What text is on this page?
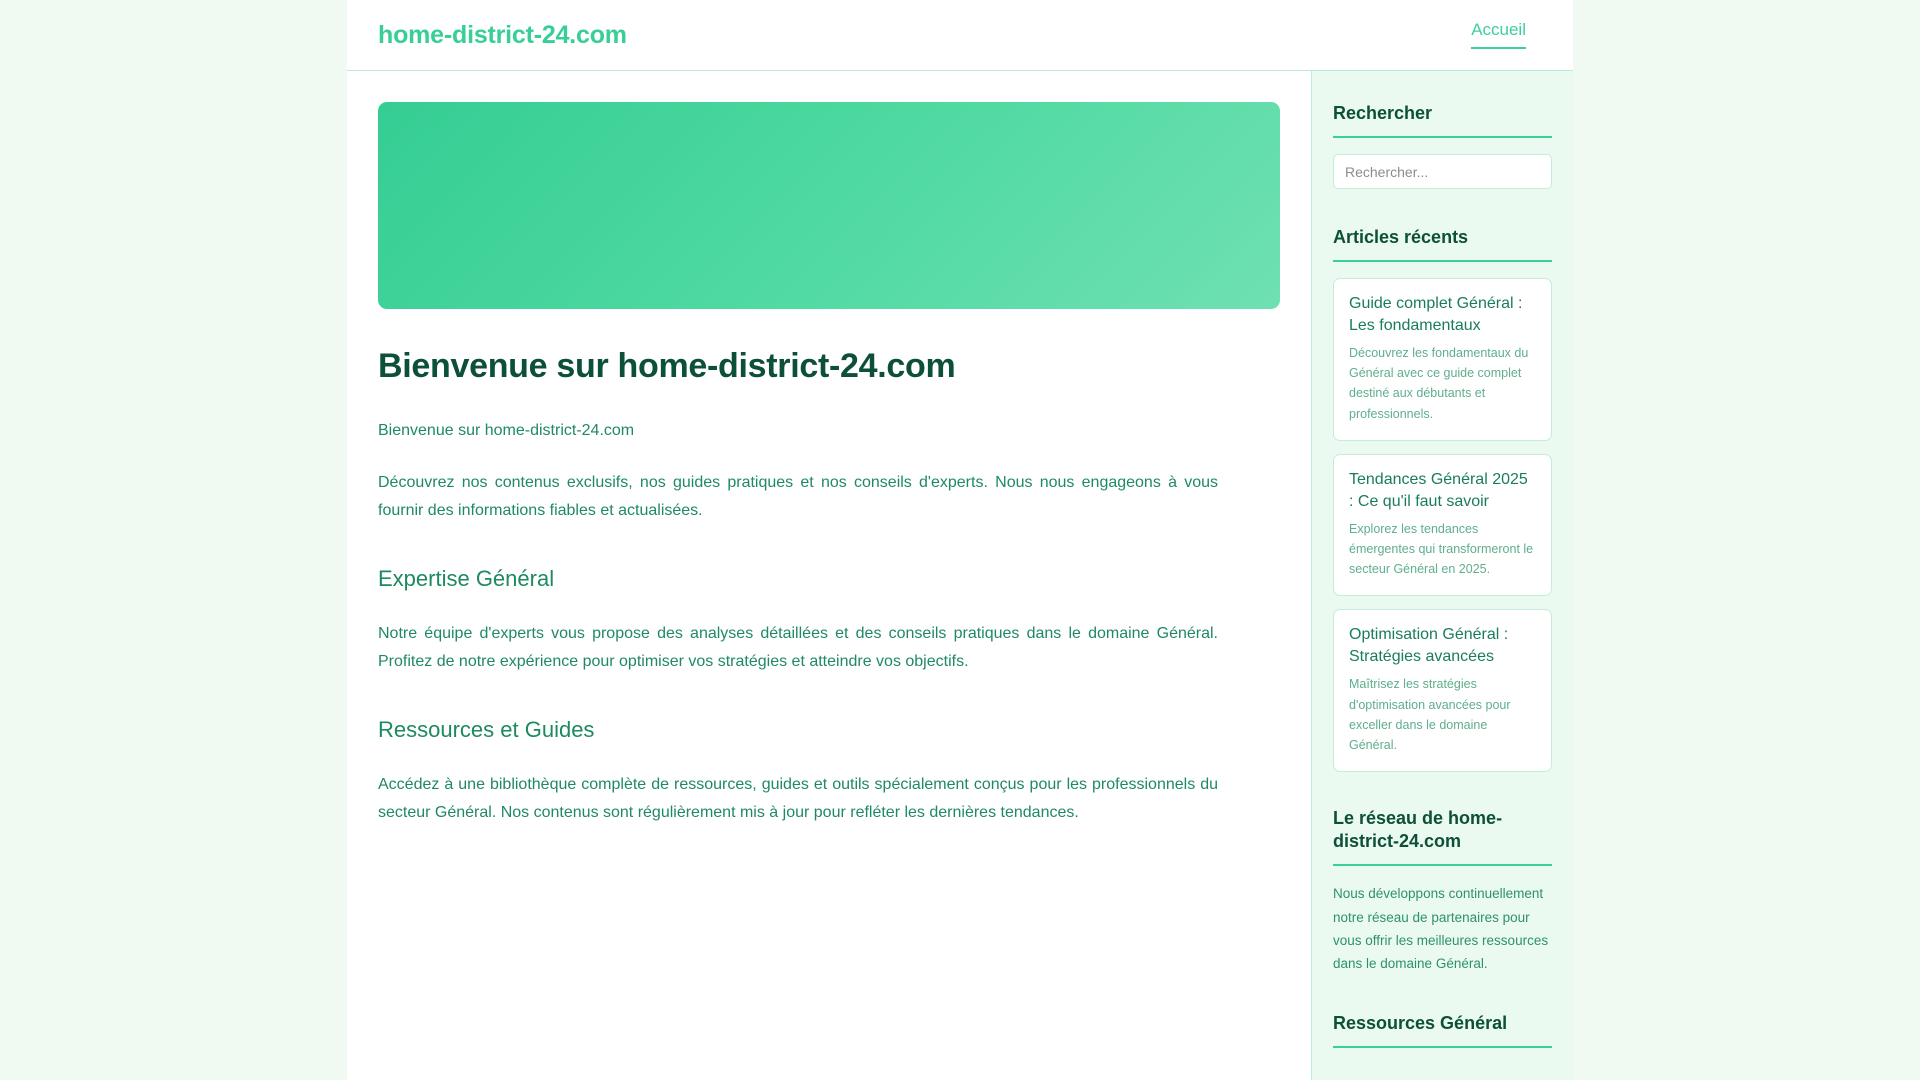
home-district-24.com	Accueil
Bienvenue sur home-district-24.com

Bienvenue sur home-district-24.com

Découvrez nos contenus exclusifs, nos guides pratiques et nos conseils d'experts. Nous nous engageons à vous fournir des informations fiables et actualisées.

Expertise Général

Notre équipe d'experts vous propose des analyses détaillées et des conseils pratiques dans le domaine Général. Profitez de notre expérience pour optimiser vos stratégies et atteindre vos objectifs.

Ressources et Guides

Accédez à une bibliothèque complète de ressources, guides et outils spécialement conçus pour les professionnels du secteur Général. Nos contenus sont régulièrement mis à jour pour refléter les dernières tendances.

Rechercher
Rechercher...
Articles récents
Guide complet Général : Les fondamentaux
Découvrez les fondamentaux du Général avec ce guide complet destiné aux débutants et professionnels.
Tendances Général 2025 : Ce qu'il faut savoir
Explorez les tendances émergentes qui transformeront le secteur Général en 2025.
Optimisation Général : Stratégies avancées
Maîtrisez les stratégies d'optimisation avancées pour exceller dans le domaine Général.
Le réseau de home-district-24.com

Nous développons continuellement notre réseau de partenaires pour vous offrir les meilleures ressources dans le domaine Général.

Ressources Général
